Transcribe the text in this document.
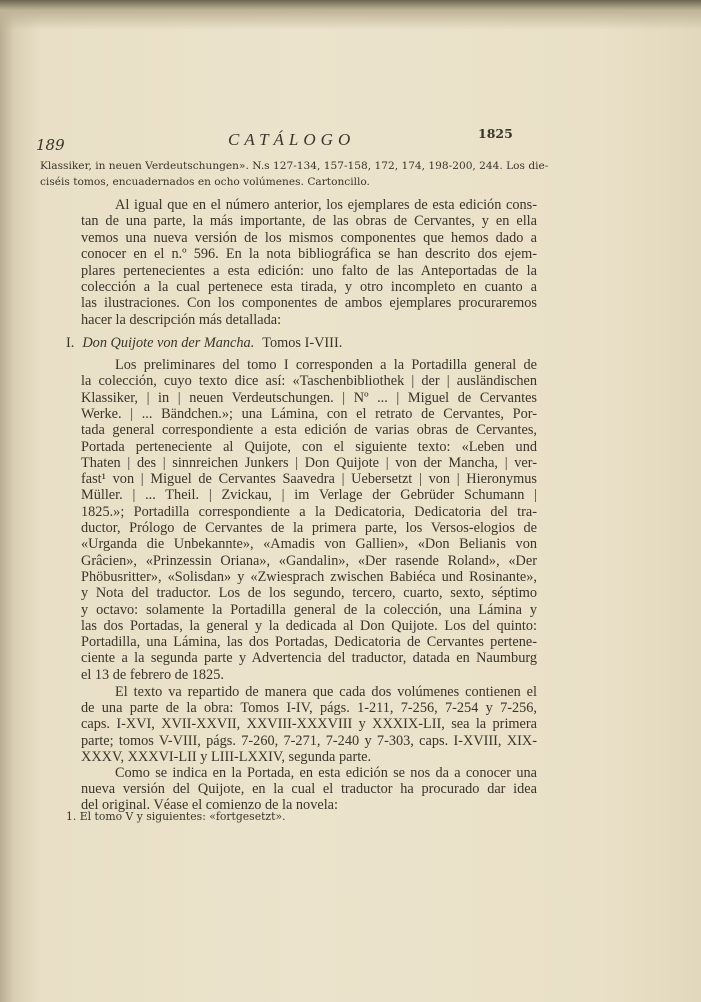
189	CATÁLOGO	1825
Klassiker, in neuen Verdeutschungen». N.s 127-134, 157-158, 172, 174, 198-200, 244. Los die-
ciséis tomos, encuadernados en ocho volúmenes. Cartoncillo.
Al igual que en el número anterior, los ejemplares de esta edición cons-
tan de una parte, la más importante, de las obras de Cervantes, y en ella
vemos una nueva versión de los mismos componentes que hemos dado a
conocer en el n.º 596. En la nota bibliográfica se han descrito dos ejem-
plares pertenecientes a esta edición: uno falto de las Anteportadas de la
colección a la cual pertenece esta tirada, y otro incompleto en cuanto a
las ilustraciones. Con los componentes de ambos ejemplares procuraremos
hacer la descripción más detallada:
I. Don Quijote von der Mancha. Tomos I-VIII.
Los preliminares del tomo I corresponden a la Portadilla general de
la colección, cuyo texto dice así: «Taschenbibliothek | der | ausländischen
Klassiker, | in | neuen Verdeutschungen. | Nº ... | Miguel de Cervantes
Werke. | ... Bändchen.»; una Lámina, con el retrato de Cervantes, Por-
tada general correspondiente a esta edición de varias obras de Cervantes,
Portada perteneciente al Quijote, con el siguiente texto: «Leben und
Thaten | des | sinnreichen Junkers | Don Quijote | von der Mancha, | ver-
fast¹ von | Miguel de Cervantes Saavedra | Uebersetzt | von | Hieronymus
Müller. | ... Theil. | Zvickau, | im Verlage der Gebrüder Schumann |
1825.»; Portadilla correspondiente a la Dedicatoria, Dedicatoria del tra-
ductor, Prólogo de Cervantes de la primera parte, los Versos-elogios de
«Urganda die Unbekannte», «Amadis von Gallien», «Don Belianis von
Grâcien», «Prinzessin Oriana», «Gandalin», «Der rasende Roland», «Der
Phöbusritter», «Solisdan» y «Zwiesprach zwischen Babiéca und Rosinante»,
y Nota del traductor. Los de los segundo, tercero, cuarto, sexto, séptimo
y octavo: solamente la Portadilla general de la colección, una Lámina y
las dos Portadas, la general y la dedicada al Don Quijote. Los del quinto:
Portadilla, una Lámina, las dos Portadas, Dedicatoria de Cervantes pertene-
ciente a la segunda parte y Advertencia del traductor, datada en Naumburg
el 13 de febrero de 1825.
El texto va repartido de manera que cada dos volúmenes contienen el
de una parte de la obra: Tomos I-IV, págs. 1-211, 7-256, 7-254 y 7-256,
caps. I-XVI, XVII-XXVII, XXVIII-XXXVIII y XXXIX-LII, sea la primera
parte; tomos V-VIII, págs. 7-260, 7-271, 7-240 y 7-303, caps. I-XVIII, XIX-
XXXV, XXXVI-LII y LIII-LXXIV, segunda parte.
Como se indica en la Portada, en esta edición se nos da a conocer una
nueva versión del Quijote, en la cual el traductor ha procurado dar idea
del original. Véase el comienzo de la novela:
1. El tomo V y siguientes: «fortgesetzt».
